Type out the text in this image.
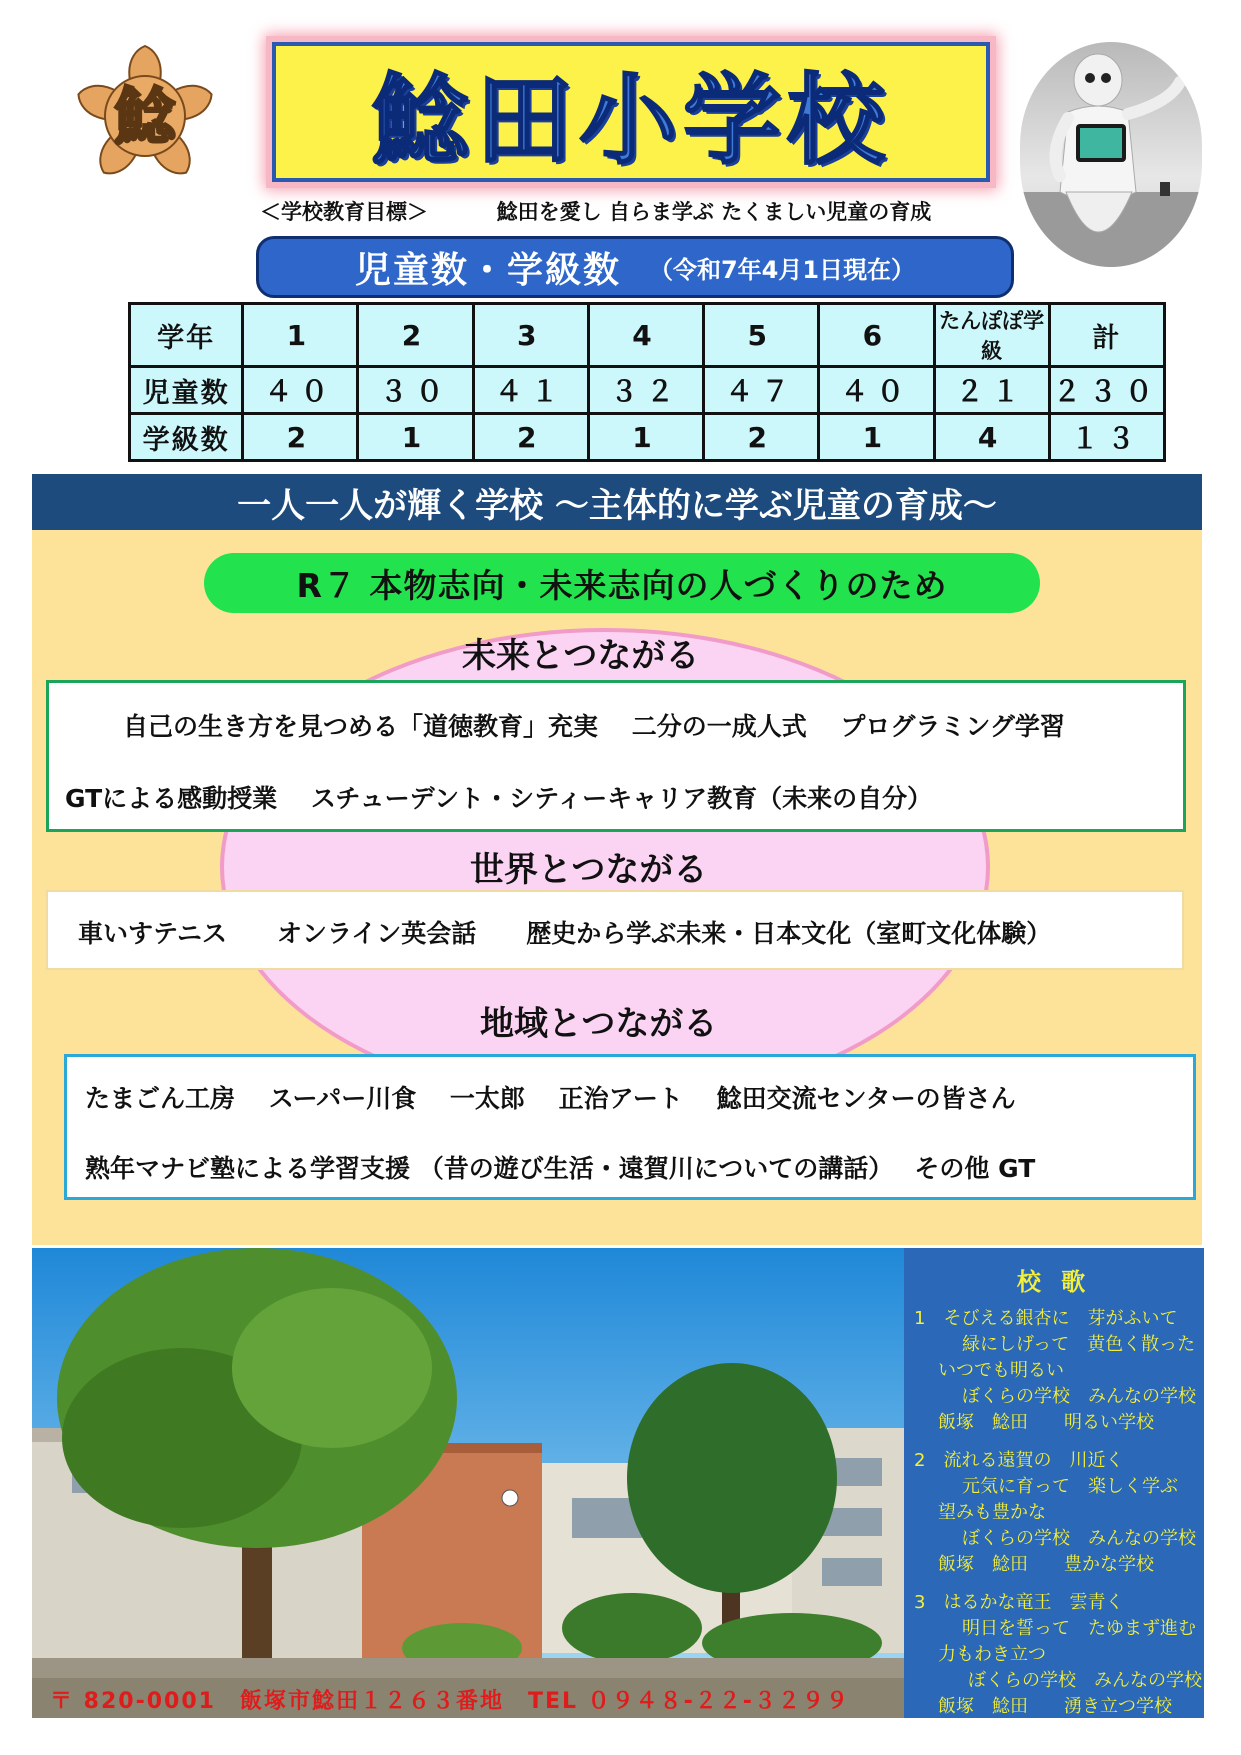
鯰 鯰田小学校
＜学校教育目標＞	鯰田を愛し 自らま学ぶ たくましい児童の育成
児童数・学級数 （令和7年4月1日現在）
学年	1	2	3	4	5	6	たんぽぽ学級	計
児童数	４０	３０	４１	３２	４７	４０	２１	２３０
学級数	2	1	2	1	2	1	4	１３
一人一人が輝く学校 ～主体的に学ぶ児童の育成～
R７ 本物志向・未来志向の人づくりのため
未来とつながる
自己の生き方を見つめる「道徳教育」充実　 二分の一成人式　 プログラミング学習
GTによる感動授業　 スチューデント・シティーキャリア教育（未来の自分）
世界とつながる
車いすテニス　　オンライン英会話　　歴史から学ぶ未来・日本文化（室町文化体験）
地域とつながる
たまごん工房　 スーパー川食　 一太郎　 正治アート　 鯰田交流センターの皆さん
熟年マナビ塾による学習支援 （昔の遊び生活・遠賀川についての講話）　 その他 GT
〒 820-0001　飯塚市鯰田１２６３番地　TEL ０９４８-２２-３２９９
校 歌
1　そびえる銀杏に　芽がふいて
緑にしげって　黄色く散った
いつでも明るい
ぼくらの学校　みんなの学校
飯塚　鯰田　　明るい学校
2　流れる遠賀の　川近く
元気に育って　楽しく学ぶ
望みも豊かな
ぼくらの学校　みんなの学校
飯塚　鯰田　　豊かな学校
3　はるかな竜王　雲青く
明日を誓って　たゆまず進む
力もわき立つ
ぼくらの学校　みんなの学校
飯塚　鯰田　　湧き立つ学校
